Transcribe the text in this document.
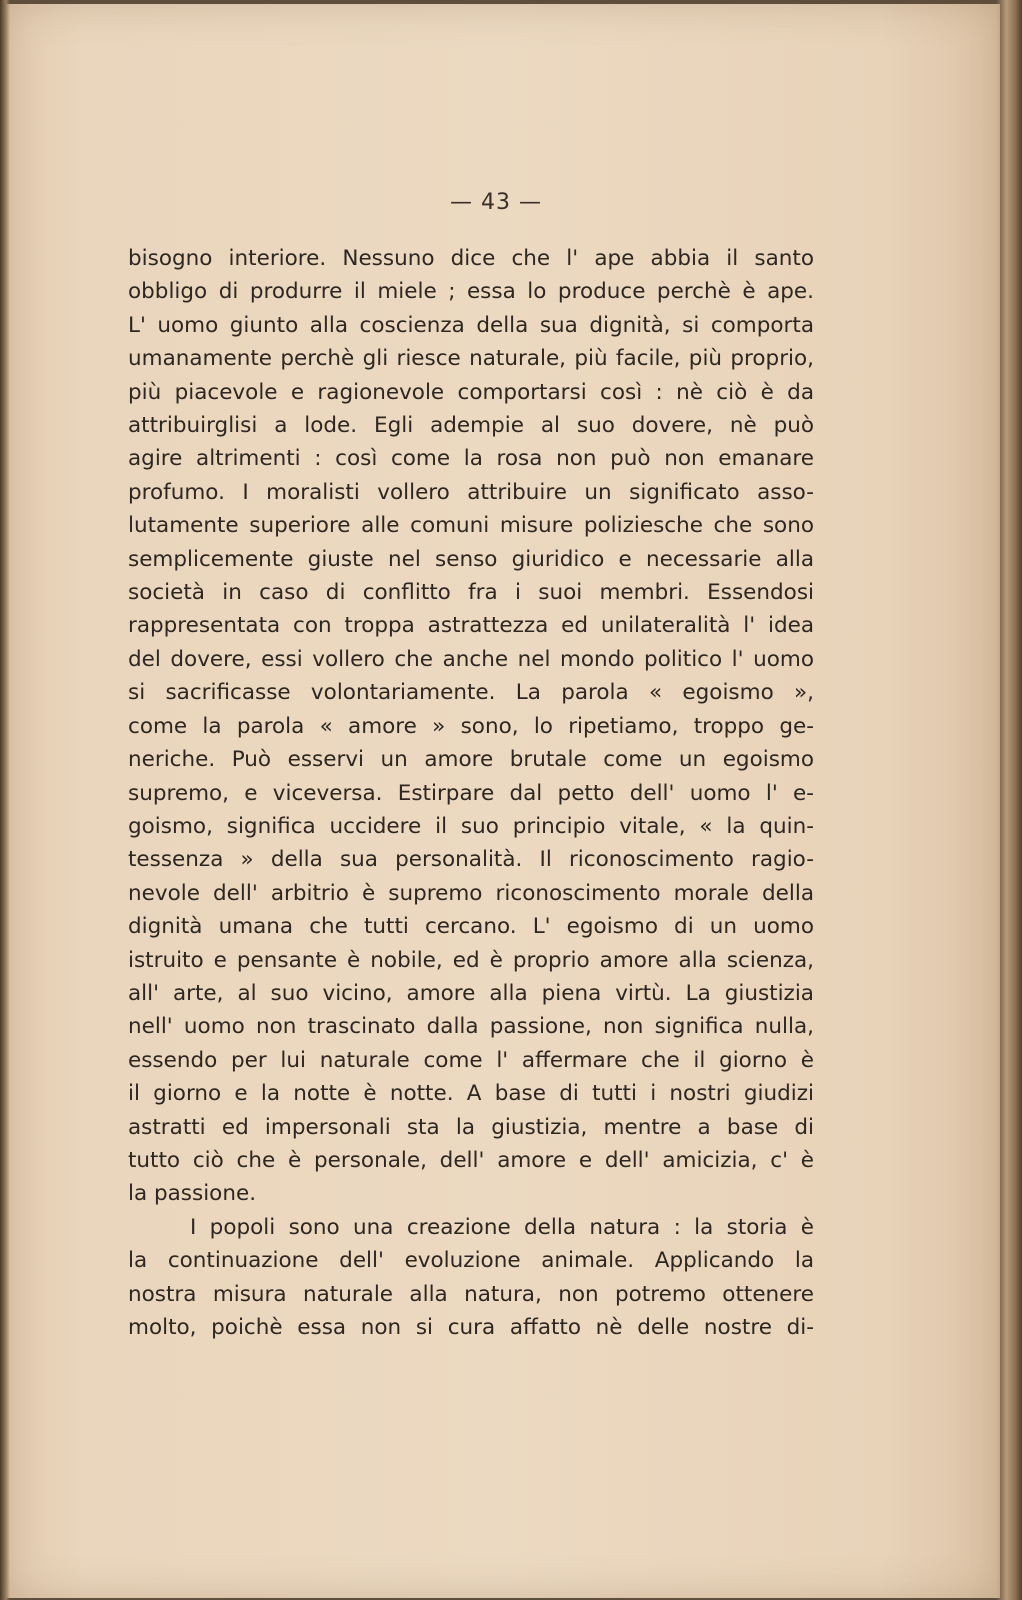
— 43 —
bisogno interiore. Nessuno dice che l' ape abbia il santo
obbligo di produrre il miele ; essa lo produce perchè è ape.
L' uomo giunto alla coscienza della sua dignità, si comporta
umanamente perchè gli riesce naturale, più facile, più proprio,
più piacevole e ragionevole comportarsi così : nè ciò è da
attribuirglisi a lode. Egli adempie al suo dovere, nè può
agire altrimenti : così come la rosa non può non emanare
profumo. I moralisti vollero attribuire un significato asso-
lutamente superiore alle comuni misure poliziesche che sono
semplicemente giuste nel senso giuridico e necessarie alla
società in caso di conflitto fra i suoi membri. Essendosi
rappresentata con troppa astrattezza ed unilateralità l' idea
del dovere, essi vollero che anche nel mondo politico l' uomo
si sacrificasse volontariamente. La parola « egoismo »,
come la parola « amore » sono, lo ripetiamo, troppo ge-
neriche. Può esservi un amore brutale come un egoismo
supremo, e viceversa. Estirpare dal petto dell' uomo l' e-
goismo, significa uccidere il suo principio vitale, « la quin-
tessenza » della sua personalità. Il riconoscimento ragio-
nevole dell' arbitrio è supremo riconoscimento morale della
dignità umana che tutti cercano. L' egoismo di un uomo
istruito e pensante è nobile, ed è proprio amore alla scienza,
all' arte, al suo vicino, amore alla piena virtù. La giustizia
nell' uomo non trascinato dalla passione, non significa nulla,
essendo per lui naturale come l' affermare che il giorno è
il giorno e la notte è notte. A base di tutti i nostri giudizi
astratti ed impersonali sta la giustizia, mentre a base di
tutto ciò che è personale, dell' amore e dell' amicizia, c' è
la passione.
I popoli sono una creazione della natura : la storia è
la continuazione dell' evoluzione animale. Applicando la
nostra misura naturale alla natura, non potremo ottenere
molto, poichè essa non si cura affatto nè delle nostre di-
